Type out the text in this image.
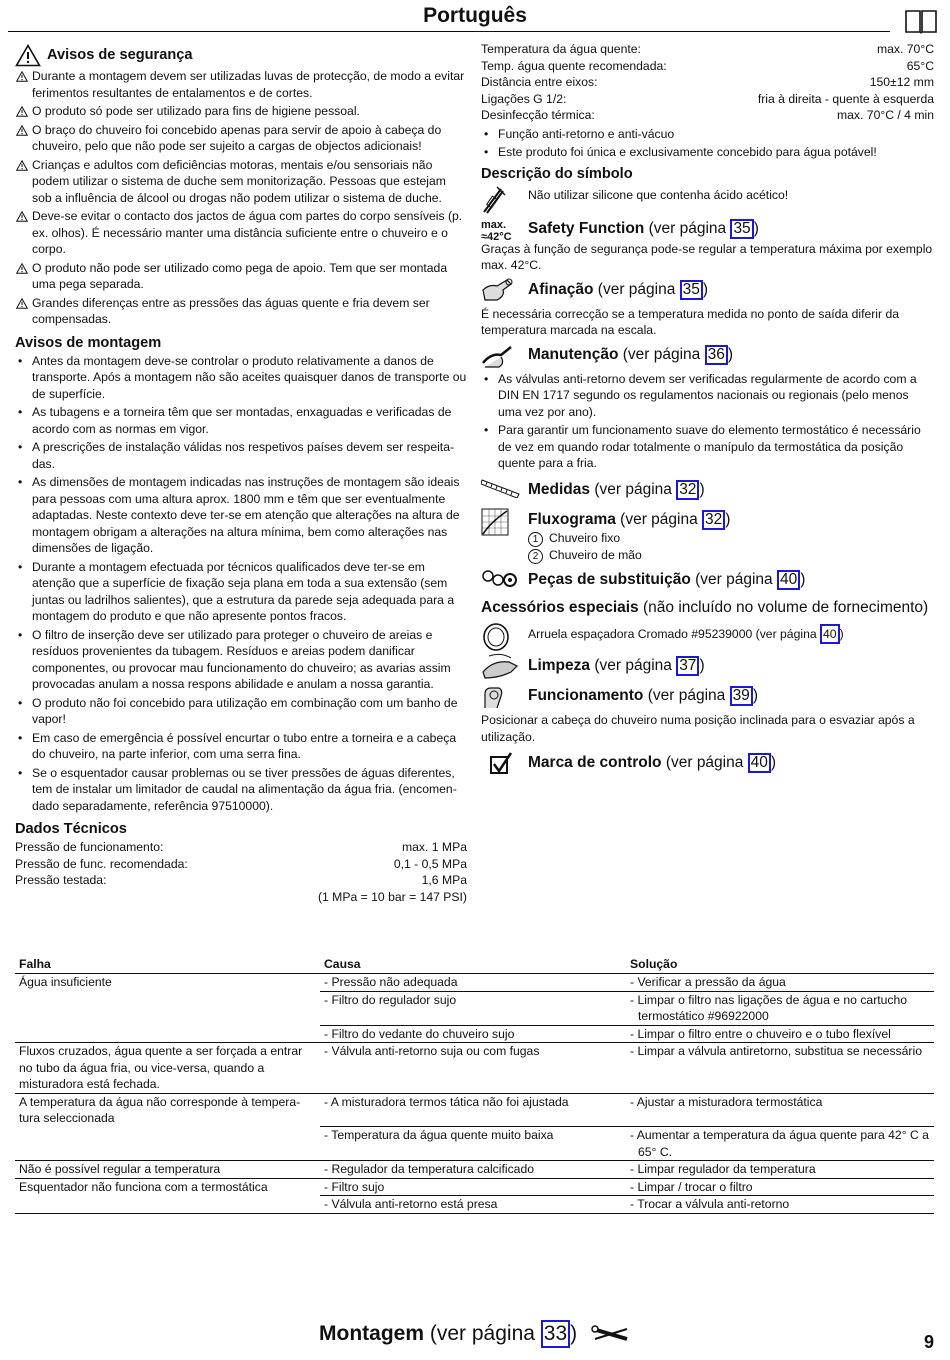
Português
Avisos de segurança
Durante a montagem devem ser utilizadas luvas de protecção, de modo a evitar ferimentos resultantes de entalamentos e de cortes.
O produto só pode ser utilizado para fins de higiene pessoal.
O braço do chuveiro foi concebido apenas para servir de apoio à cabeça do chuveiro, pelo que não pode ser sujeito a cargas de objectos adicionais!
Crianças e adultos com deficiências motoras, mentais e/ou sensoriais não podem utilizar o sistema de duche sem monitorização. Pessoas que estejam sob a influência de álcool ou drogas não podem utilizar o sistema de duche.
Deve-se evitar o contacto dos jactos de água com partes do corpo sensíveis (p. ex. olhos). É necessário manter uma distância suficiente entre o chuveiro e o corpo.
O produto não pode ser utilizado como pega de apoio. Tem que ser montada uma pega separada.
Grandes diferenças entre as pressões das águas quente e fria devem ser compensadas.
Avisos de montagem
• Antes da montagem deve-se controlar o produto relativamente a danos de transporte. Após a montagem não são aceites quaisquer danos de transporte ou de superfície.
• As tubagens e a torneira têm que ser montadas, enxaguadas e verificadas de acordo com as normas em vigor.
• A prescrições de instalação válidas nos respetivos países devem ser respeita-das.
• As dimensões de montagem indicadas nas instruções de montagem são ideais para pessoas com uma altura aprox. 1800 mm e têm que ser eventualmente adaptadas. Neste contexto deve ter-se em atenção que alterações na altura de montagem obrigam a alterações na altura mínima, bem como alterações nas dimensões de ligação.
• Durante a montagem efectuada por técnicos qualificados deve ter-se em atenção que a superfície de fixação seja plana em toda a sua extensão (sem juntas ou ladrilhos salientes), que a estrutura da parede seja adequada para a montagem do produto e que não apresente pontos fracos.
• O filtro de inserção deve ser utilizado para proteger o chuveiro de areias e resíduos provenientes da tubagem. Resíduos e areias podem danificar componentes, ou provocar mau funcionamento do chuveiro; as avarias assim provocadas anulam a nossa respons abilidade e anulam a nossa garantia.
• O produto não foi concebido para utilização em combinação com um banho de vapor!
• Em caso de emergência é possível encurtar o tubo entre a torneira e a cabeça do chuveiro, na parte inferior, com uma serra fina.
• Se o esquentador causar problemas ou se tiver pressões de águas diferentes, tem de instalar um limitador de caudal na alimentação da água fria. (encomen-dado separadamente, referência 97510000).
Dados Técnicos
Pressão de funcionamento:	max. 1 MPa
Pressão de func. recomendada:	0,1 - 0,5 MPa
Pressão testada:	1,6 MPa
(1 MPa = 10 bar = 147 PSI)
Temperatura da água quente:	max. 70°C
Temp. água quente recomendada:	65°C
Distância entre eixos:	150±12 mm
Ligações G 1/2:	fria à direita - quente à esquerda
Desinfecção térmica:	max. 70°C / 4 min
• Função anti-retorno e anti-vácuo
• Este produto foi única e exclusivamente concebido para água potável!
Descrição do símbolo
Não utilizar silicone que contenha ácido acético!
max.
≈42°C Safety Function (ver página 35 )
Graças à função de segurança pode-se regular a temperatura máxima por exemplo max. 42°C.
Afinação (ver página 35 )
É necessária correcção se a temperatura medida no ponto de saída diferir da temperatura marcada na escala.
Manutenção (ver página 36 )
• As válvulas anti-retorno devem ser verificadas regularmente de acordo com a DIN EN 1717 segundo os regulamentos nacionais ou regionais (pelo menos uma vez por ano).
• Para garantir um funcionamento suave do elemento termostático é necessário de vez em quando rodar totalmente o manípulo da termostática da posição quente para a fria.
Medidas (ver página 32 )
Fluxograma (ver página 32 )
1 Chuveiro fixo
2 Chuveiro de mão
Peças de substituição (ver página 40 )
Acessórios especiais (não incluído no volume de fornecimento)
Arruela espaçadora Cromado #95239000 (ver página 40 )
Limpeza (ver página 37 )
Funcionamento (ver página 39 )
Posicionar a cabeça do chuveiro numa posição inclinada para o esvaziar após a utilização.
Marca de controlo (ver página 40 )
Falha	Causa	Solução
Água insuficiente	- Pressão não adequada	- Verificar a pressão da água

	- Filtro do regulador sujo	- Limpar o filtro nas ligações de água e no cartucho termostático #96922000

	- Filtro do vedante do chuveiro sujo	- Limpar o filtro entre o chuveiro e o tubo flexível

Fluxos cruzados, água quente a ser forçada a entrar no tubo da água fria, ou vice-versa, quando a misturadora está fechada.	- Válvula anti-retorno suja ou com fugas	- Limpar a válvula antiretorno, substitua se necessário

A temperatura da água não corresponde à tempera-tura seleccionada	- A misturadora termos tática não foi ajustada	- Ajustar a misturadora termostática

	- Temperatura da água quente muito baixa	- Aumentar a temperatura da água quente para 42° C a 65° C.

Não é possível regular a temperatura	- Regulador da temperatura calcificado	- Limpar regulador da temperatura

Esquentador não funciona com a termostática	- Filtro sujo	- Limpar / trocar o filtro

	- Válvula anti-retorno está presa	- Trocar a válvula anti-retorno
Montagem (ver página 33 )	9
